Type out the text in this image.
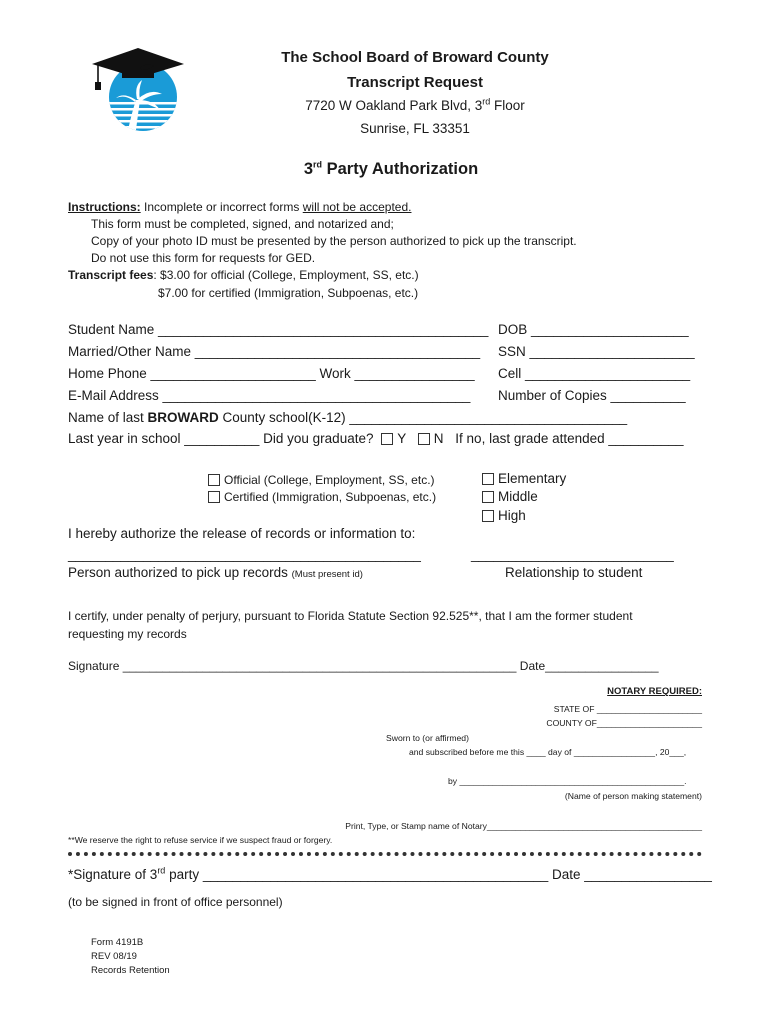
The School Board of Broward County
Transcript Request
7720 W Oakland Park Blvd, 3rd Floor
Sunrise, FL 33351
3rd Party Authorization
Instructions: Incomplete or incorrect forms will not be accepted.
This form must be completed, signed, and notarized and;
Copy of your photo ID must be presented by the person authorized to pick up the transcript.
Do not use this form for requests for GED.
Transcript fees: $3.00 for official (College, Employment, SS, etc.)
$7.00 for certified (Immigration, Subpoenas, etc.)
Student Name ____________________________________________ DOB _____________________
Married/Other Name ______________________________________ SSN ______________________
Home Phone ______________________ Work ________________ Cell ______________________
E-Mail Address _________________________________________ Number of Copies __________
Name of last BROWARD County school(K-12) _____________________________________
Last year in school __________ Did you graduate? Y N If no, last grade attended __________
Official (College, Employment, SS, etc.)
Certified (Immigration, Subpoenas, etc.)
Elementary
Middle
High
I hereby authorize the release of records or information to:
_______________________________________________	___________________________
Person authorized to pick up records (Must present id)	Relationship to student
I certify, under penalty of perjury, pursuant to Florida Statute Section 92.525**, that I am the former student
requesting my records
Signature ___________________________________________________________ Date_________________
NOTARY REQUIRED:
STATE OF ______________________
COUNTY OF______________________
Sworn to (or affirmed)
and subscribed before me this ____ day of _________________, 20___,
by _______________________________________________.
(Name of person making statement)
Print, Type, or Stamp name of Notary_____________________________________________
**We reserve the right to refuse service if we suspect fraud or forgery.
*Signature of 3rd party ______________________________________________ Date _________________
(to be signed in front of office personnel)
Form 4191B
REV 08/19
Records Retention
